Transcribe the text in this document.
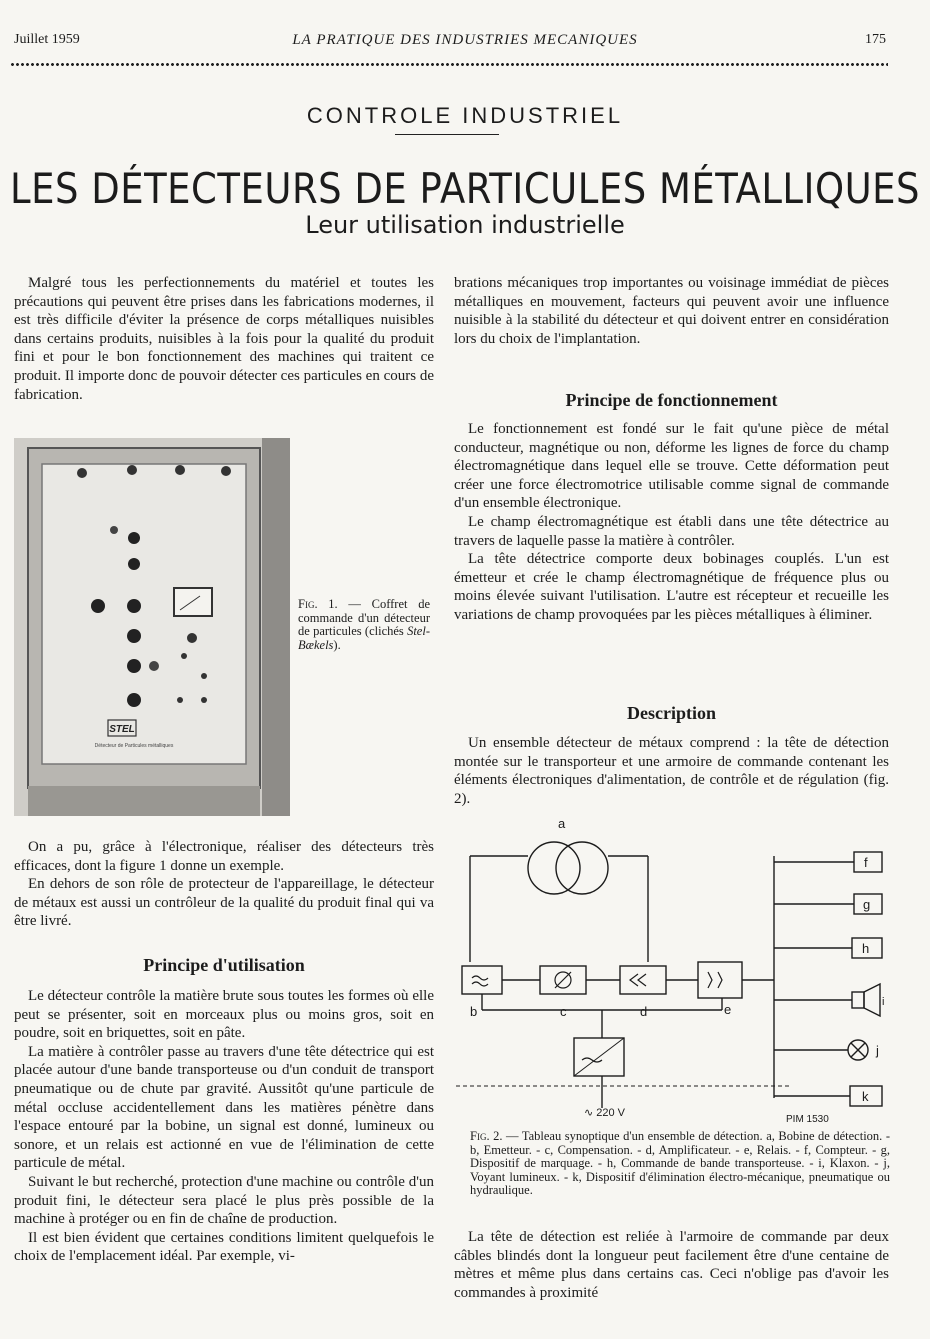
Juillet 1959	LA PRATIQUE DES INDUSTRIES MECANIQUES	175
CONTROLE INDUSTRIEL
LES DÉTECTEURS DE PARTICULES MÉTALLIQUES
Leur utilisation industrielle

Malgré tous les perfectionnements du matériel et toutes les précautions qui peuvent être prises dans les fabrications modernes, il est très difficile d'éviter la présence de corps métalliques nuisibles dans certains produits, nuisibles à la fois pour la qualité du produit fini et pour le bon fonctionnement des machines qui traitent ce produit. Il importe donc de pouvoir détecter ces particules en cours de fabrication.

STEL
Détecteur de Particules métalliques
Fig. 1. — Coffret de commande d'un détecteur de particules (clichés Stel-Bækels).

On a pu, grâce à l'électronique, réaliser des détecteurs très efficaces, dont la figure 1 donne un exemple.

En dehors de son rôle de protecteur de l'appareillage, le détecteur de métaux est aussi un contrôleur de la qualité du produit final qui va être livré.

Principe d'utilisation

Le détecteur contrôle la matière brute sous toutes les formes où elle peut se présenter, soit en morceaux plus ou moins gros, soit en poudre, soit en briquettes, soit en pâte.

La matière à contrôler passe au travers d'une tête détectrice qui est placée autour d'une bande transporteuse ou d'un conduit de transport pneumatique ou de chute par gravité. Aussitôt qu'une particule de métal occluse accidentellement dans les matières pénètre dans l'espace entouré par la bobine, un signal est donné, lumineux ou sonore, et un relais est actionné en vue de l'élimination de cette particule de métal.

Suivant le but recherché, protection d'une machine ou contrôle d'un produit fini, le détecteur sera placé le plus près possible de la machine à protéger ou en fin de chaîne de production.

Il est bien évident que certaines conditions limitent quelquefois le choix de l'emplacement idéal. Par exemple, vi-

brations mécaniques trop importantes ou voisinage immédiat de pièces métalliques en mouvement, facteurs qui peuvent avoir une influence nuisible à la stabilité du détecteur et qui doivent entrer en considération lors du choix de l'implantation.

Principe de fonctionnement

Le fonctionnement est fondé sur le fait qu'une pièce de métal conducteur, magnétique ou non, déforme les lignes de force du champ électromagnétique dans lequel elle se trouve. Cette déformation peut créer une force électromotrice utilisable comme signal de commande d'un ensemble électronique.

Le champ électromagnétique est établi dans une tête détectrice au travers de laquelle passe la matière à contrôler.

La tête détectrice comporte deux bobinages couplés. L'un est émetteur et crée le champ électromagnétique de fréquence plus ou moins élevée suivant l'utilisation. L'autre est récepteur et recueille les variations de champ provoquées par les pièces métalliques à éliminer.

Description

Un ensemble détecteur de métaux comprend : la tête de détection montée sur le transporteur et une armoire de commande contenant les éléments électroniques d'alimentation, de contrôle et de régulation (fig. 2).

a
b	c	d	e
f
g
h
i
j
k
∿ 220 V
PIM 1530
Fig. 2. — Tableau synoptique d'un ensemble de détection. a, Bobine de détection. - b, Emetteur. - c, Compensation. - d, Amplificateur. - e, Relais. - f, Compteur. - g, Dispositif de marquage. - h, Commande de bande transporteuse. - i, Klaxon. - j, Voyant lumineux. - k, Dispositif d'élimination électro-mécanique, pneumatique ou hydraulique.

La tête de détection est reliée à l'armoire de commande par deux câbles blindés dont la longueur peut facilement être d'une centaine de mètres et même plus dans certains cas. Ceci n'oblige pas d'avoir les commandes à proximité
